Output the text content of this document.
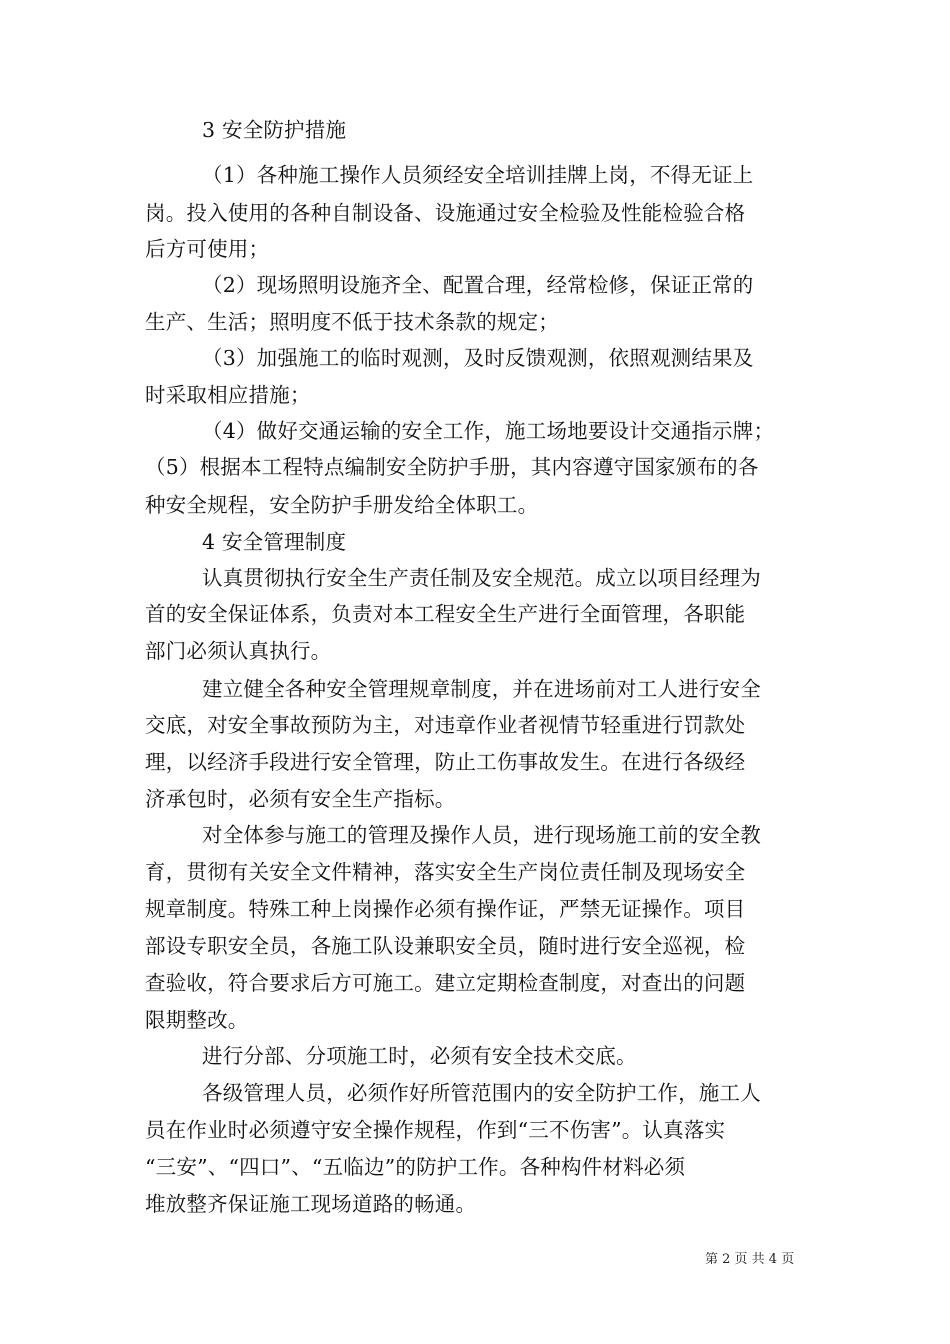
3 安全防护措施
（1）各种施工操作人员须经安全培训挂牌上岗，不得无证上
岗。投入使用的各种自制设备、设施通过安全检验及性能检验合格
后方可使用；
（2）现场照明设施齐全、配置合理，经常检修，保证正常的
生产、生活；照明度不低于技术条款的规定；
（3）加强施工的临时观测，及时反馈观测，依照观测结果及
时采取相应措施；
（4）做好交通运输的安全工作，施工场地要设计交通指示牌；
（5）根据本工程特点编制安全防护手册，其内容遵守国家颁布的各
种安全规程，安全防护手册发给全体职工。
4 安全管理制度
认真贯彻执行安全生产责任制及安全规范。成立以项目经理为
首的安全保证体系，负责对本工程安全生产进行全面管理，各职能
部门必须认真执行。
建立健全各种安全管理规章制度，并在进场前对工人进行安全
交底，对安全事故预防为主，对违章作业者视情节轻重进行罚款处
理，以经济手段进行安全管理，防止工伤事故发生。在进行各级经
济承包时，必须有安全生产指标。
对全体参与施工的管理及操作人员，进行现场施工前的安全教
育，贯彻有关安全文件精神，落实安全生产岗位责任制及现场安全
规章制度。特殊工种上岗操作必须有操作证，严禁无证操作。项目
部设专职安全员，各施工队设兼职安全员，随时进行安全巡视，检
查验收，符合要求后方可施工。建立定期检查制度，对查出的问题
限期整改。
进行分部、分项施工时，必须有安全技术交底。
各级管理人员，必须作好所管范围内的安全防护工作，施工人
员在作业时必须遵守安全操作规程，作到“三不伤害”。认真落实
“三安”、“四口”、“五临边”的防护工作。各种构件材料必须
堆放整齐保证施工现场道路的畅通。
第 2 页 共 4 页
